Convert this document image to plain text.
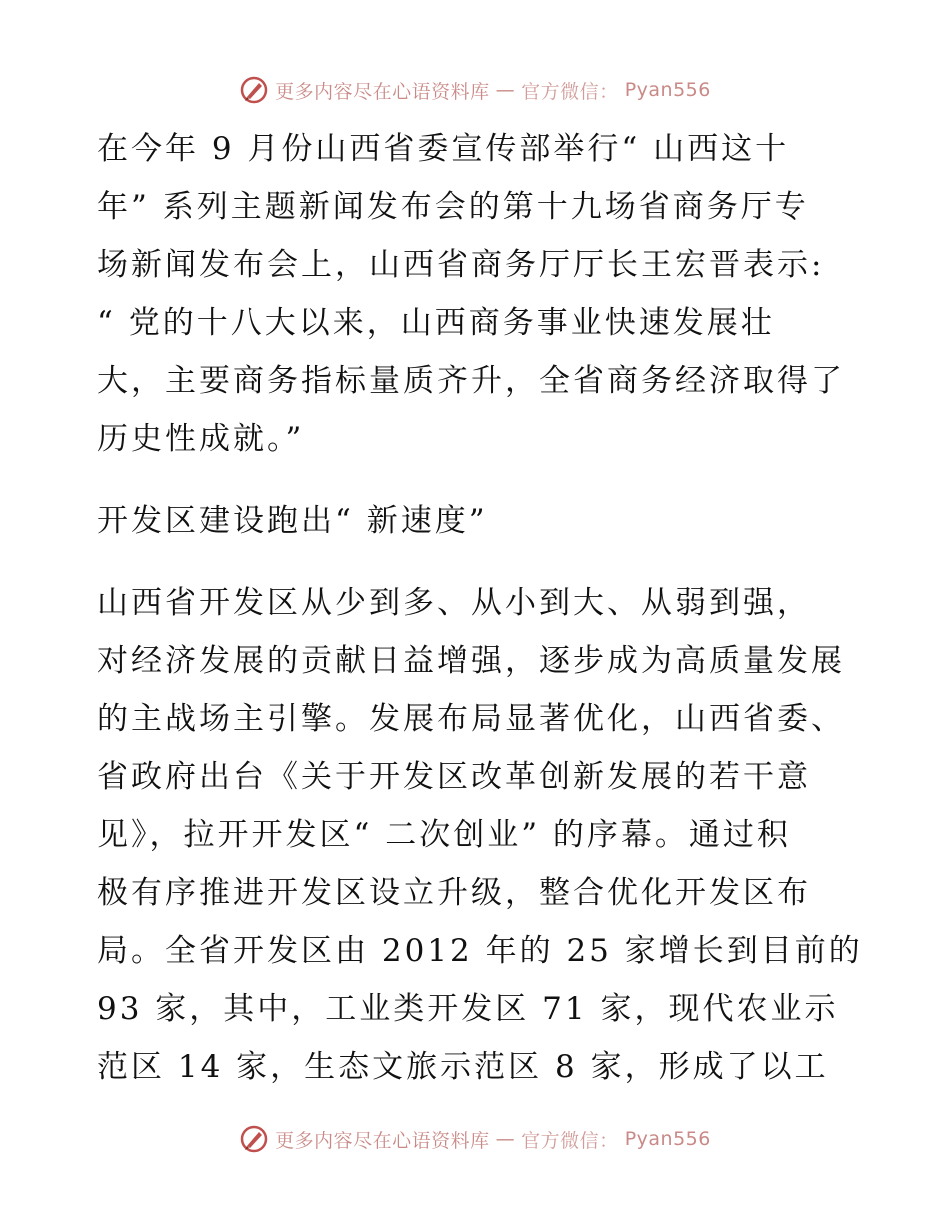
更多内容尽在心语资料库 — 官方微信： Pyan556

在今年 9 月份山西省委宣传部举行“ 山西这十
年” 系列主题新闻发布会的第十九场省商务厅专
场新闻发布会上，山西省商务厅厅长王宏晋表示:
“ 党的十八大以来，山西商务事业快速发展壮
大，主要商务指标量质齐升，全省商务经济取得了
历史性成就。”

开发区建设跑出“ 新速度”

山西省开发区从少到多、从小到大、从弱到强，
对经济发展的贡献日益增强，逐步成为高质量发展
的主战场主引擎。发展布局显著优化，山西省委、
省政府出台《关于开发区改革创新发展的若干意
见》，拉开开发区“ 二次创业” 的序幕。通过积
极有序推进开发区设立升级，整合优化开发区布
局。全省开发区由 2012 年的 25 家增长到目前的
93 家，其中，工业类开发区 71 家，现代农业示
范区 14 家，生态文旅示范区 8 家，形成了以工

更多内容尽在心语资料库 — 官方微信： Pyan556
